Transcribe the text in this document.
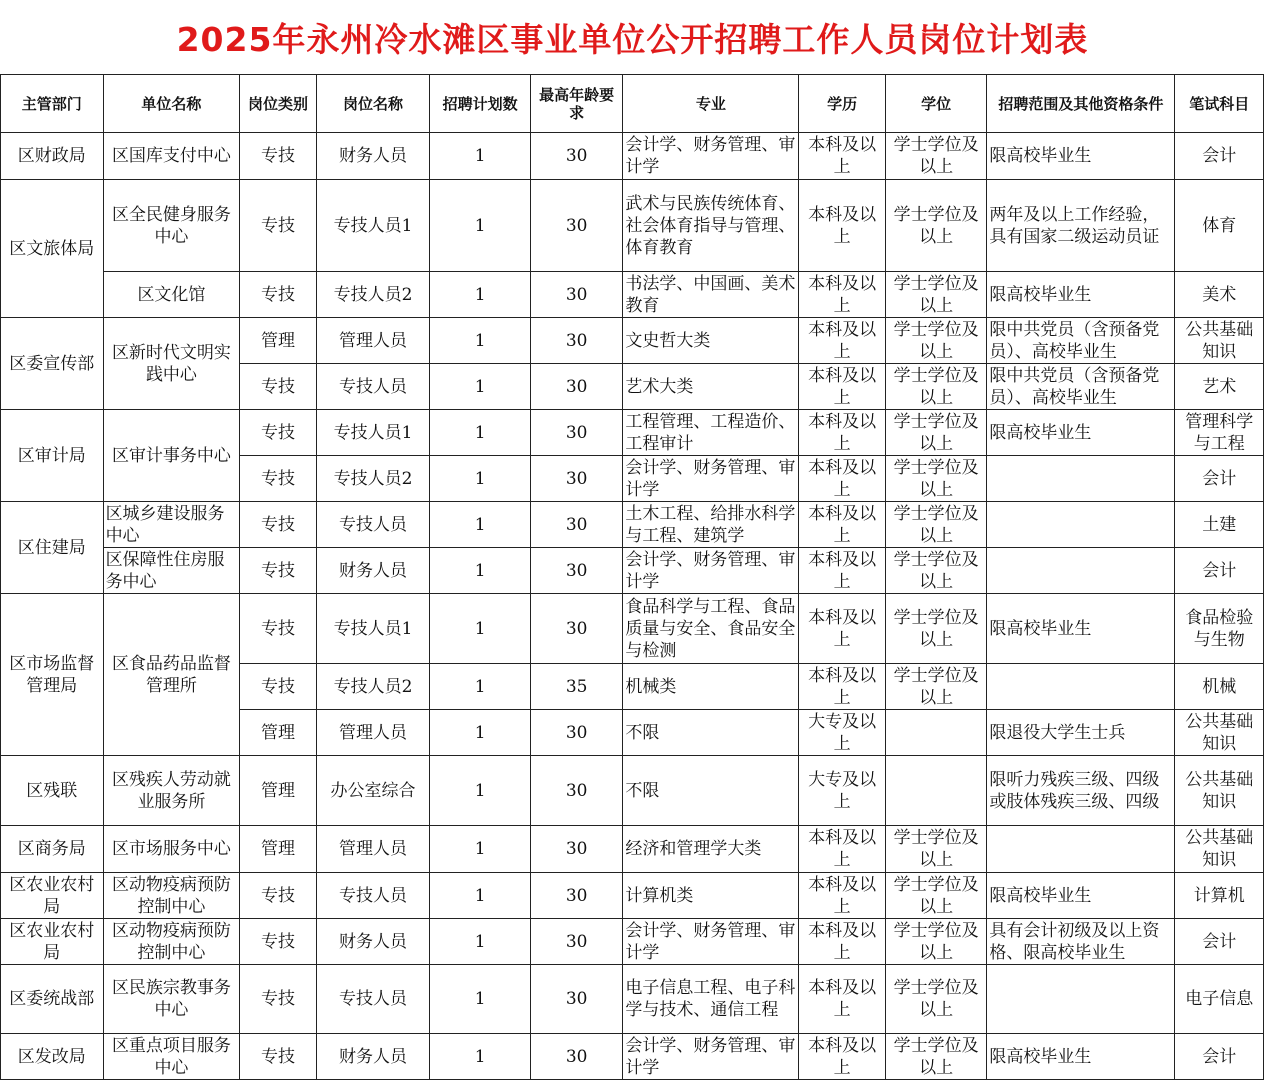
2025年永州冷水滩区事业单位公开招聘工作人员岗位计划表
主管部门	单位名称	岗位类别	岗位名称	招聘计划数	最高年龄要求	专业	学历	学位	招聘范围及其他资格条件	笔试科目
区财政局	区国库支付中心	专技	财务人员	1	30	会计学、财务管理、审计学	本科及以上	学士学位及以上	限高校毕业生	会计
区文旅体局	区全民健身服务中心	专技	专技人员1	1	30	武术与民族传统体育、社会体育指导与管理、体育教育	本科及以上	学士学位及以上	两年及以上工作经验，具有国家二级运动员证	体育
	区文化馆	专技	专技人员2	1	30	书法学、中国画、美术教育	本科及以上	学士学位及以上	限高校毕业生	美术
区委宣传部	区新时代文明实践中心	管理	管理人员	1	30	文史哲大类	本科及以上	学士学位及以上	限中共党员（含预备党员）、高校毕业生	公共基础知识
		专技	专技人员	1	30	艺术大类	本科及以上	学士学位及以上	限中共党员（含预备党员）、高校毕业生	艺术
区审计局	区审计事务中心	专技	专技人员1	1	30	工程管理、工程造价、工程审计	本科及以上	学士学位及以上	限高校毕业生	管理科学与工程
		专技	专技人员2	1	30	会计学、财务管理、审计学	本科及以上	学士学位及以上		会计
区住建局	区城乡建设服务中心	专技	专技人员	1	30	土木工程、给排水科学与工程、建筑学	本科及以上	学士学位及以上		土建
	区保障性住房服务中心	专技	财务人员	1	30	会计学、财务管理、审计学	本科及以上	学士学位及以上		会计
区市场监督管理局	区食品药品监督管理所	专技	专技人员1	1	30	食品科学与工程、食品质量与安全、食品安全与检测	本科及以上	学士学位及以上	限高校毕业生	食品检验与生物
		专技	专技人员2	1	35	机械类	本科及以上	学士学位及以上		机械
		管理	管理人员	1	30	不限	大专及以上		限退役大学生士兵	公共基础知识
区残联	区残疾人劳动就业服务所	管理	办公室综合	1	30	不限	大专及以上		限听力残疾三级、四级或肢体残疾三级、四级	公共基础知识
区商务局	区市场服务中心	管理	管理人员	1	30	经济和管理学大类	本科及以上	学士学位及以上		公共基础知识
区农业农村局	区动物疫病预防控制中心	专技	专技人员	1	30	计算机类	本科及以上	学士学位及以上	限高校毕业生	计算机
区农业农村局	区动物疫病预防控制中心	专技	财务人员	1	30	会计学、财务管理、审计学	本科及以上	学士学位及以上	具有会计初级及以上资格、限高校毕业生	会计
区委统战部	区民族宗教事务中心	专技	专技人员	1	30	电子信息工程、电子科学与技术、通信工程	本科及以上	学士学位及以上		电子信息
区发改局	区重点项目服务中心	专技	财务人员	1	30	会计学、财务管理、审计学	本科及以上	学士学位及以上	限高校毕业生	会计
